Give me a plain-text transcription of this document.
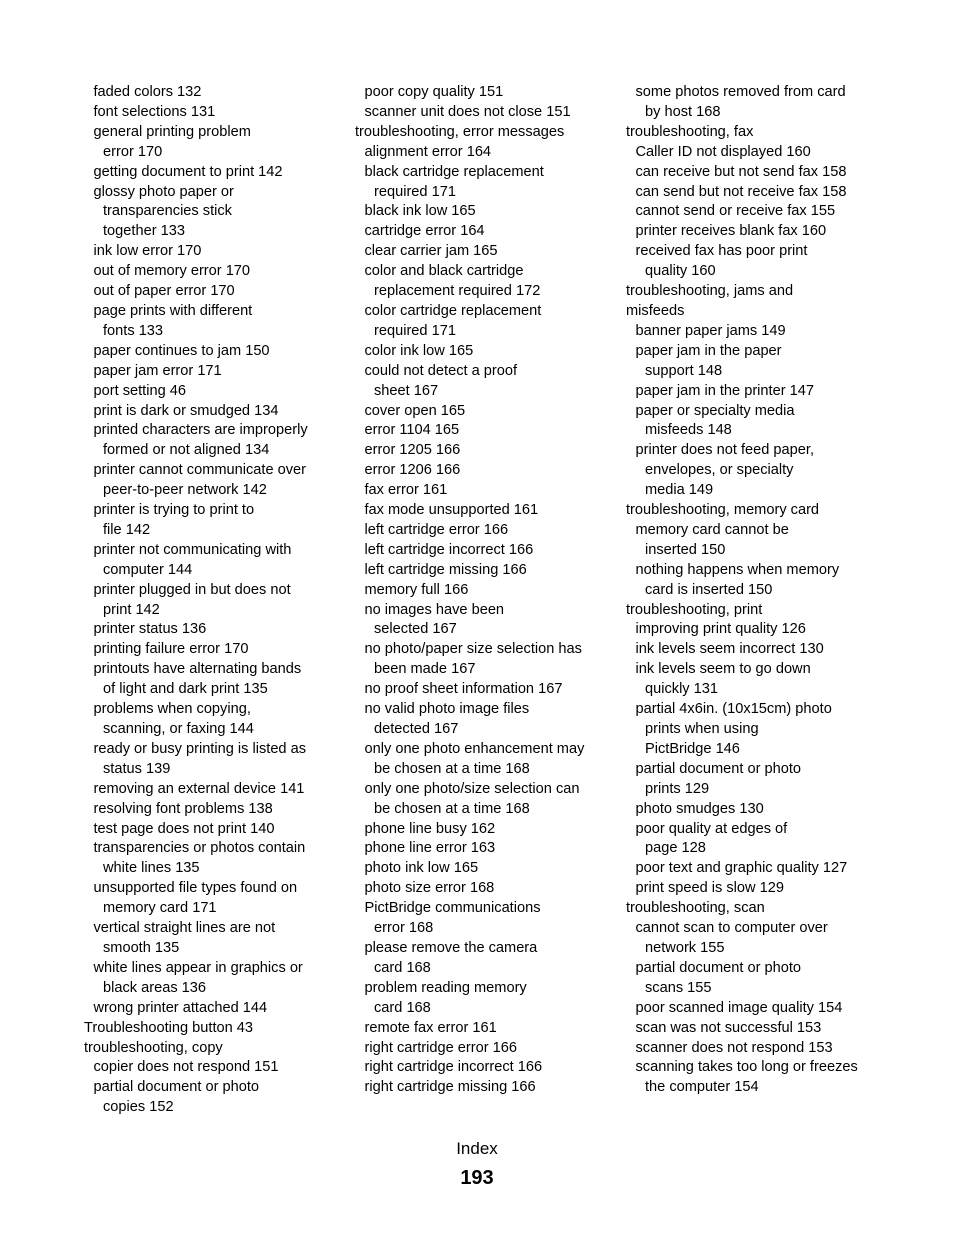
faded colors 132
font selections 131
general printing problem
error 170
getting document to print 142
glossy photo paper or
transparencies stick
together 133
ink low error 170
out of memory error 170
out of paper error 170
page prints with different
fonts 133
paper continues to jam 150
paper jam error 171
port setting 46
print is dark or smudged 134
printed characters are improperly
formed or not aligned 134
printer cannot communicate over
peer-to-peer network 142
printer is trying to print to
file 142
printer not communicating with
computer 144
printer plugged in but does not
print 142
printer status 136
printing failure error 170
printouts have alternating bands
of light and dark print 135
problems when copying,
scanning, or faxing 144
ready or busy printing is listed as
status 139
removing an external device 141
resolving font problems 138
test page does not print 140
transparencies or photos contain
white lines 135
unsupported file types found on
memory card 171
vertical straight lines are not
smooth 135
white lines appear in graphics or
black areas 136
wrong printer attached 144
Troubleshooting button 43
troubleshooting, copy
copier does not respond 151
partial document or photo
copies 152
poor copy quality 151
scanner unit does not close 151
troubleshooting, error messages
alignment error 164
black cartridge replacement
required 171
black ink low 165
cartridge error 164
clear carrier jam 165
color and black cartridge
replacement required 172
color cartridge replacement
required 171
color ink low 165
could not detect a proof
sheet 167
cover open 165
error 1104 165
error 1205 166
error 1206 166
fax error 161
fax mode unsupported 161
left cartridge error 166
left cartridge incorrect 166
left cartridge missing 166
memory full 166
no images have been
selected 167
no photo/paper size selection has
been made 167
no proof sheet information 167
no valid photo image files
detected 167
only one photo enhancement may
be chosen at a time 168
only one photo/size selection can
be chosen at a time 168
phone line busy 162
phone line error 163
photo ink low 165
photo size error 168
PictBridge communications
error 168
please remove the camera
card 168
problem reading memory
card 168
remote fax error 161
right cartridge error 166
right cartridge incorrect 166
right cartridge missing 166
some photos removed from card
by host 168
troubleshooting, fax
Caller ID not displayed 160
can receive but not send fax 158
can send but not receive fax 158
cannot send or receive fax 155
printer receives blank fax 160
received fax has poor print
quality 160
troubleshooting, jams and
misfeeds
banner paper jams 149
paper jam in the paper
support 148
paper jam in the printer 147
paper or specialty media
misfeeds 148
printer does not feed paper,
envelopes, or specialty
media 149
troubleshooting, memory card
memory card cannot be
inserted 150
nothing happens when memory
card is inserted 150
troubleshooting, print
improving print quality 126
ink levels seem incorrect 130
ink levels seem to go down
quickly 131
partial 4x6in. (10x15cm) photo
prints when using
PictBridge 146
partial document or photo
prints 129
photo smudges 130
poor quality at edges of
page 128
poor text and graphic quality 127
print speed is slow 129
troubleshooting, scan
cannot scan to computer over
network 155
partial document or photo
scans 155
poor scanned image quality 154
scan was not successful 153
scanner does not respond 153
scanning takes too long or freezes
the computer 154
Index
193
